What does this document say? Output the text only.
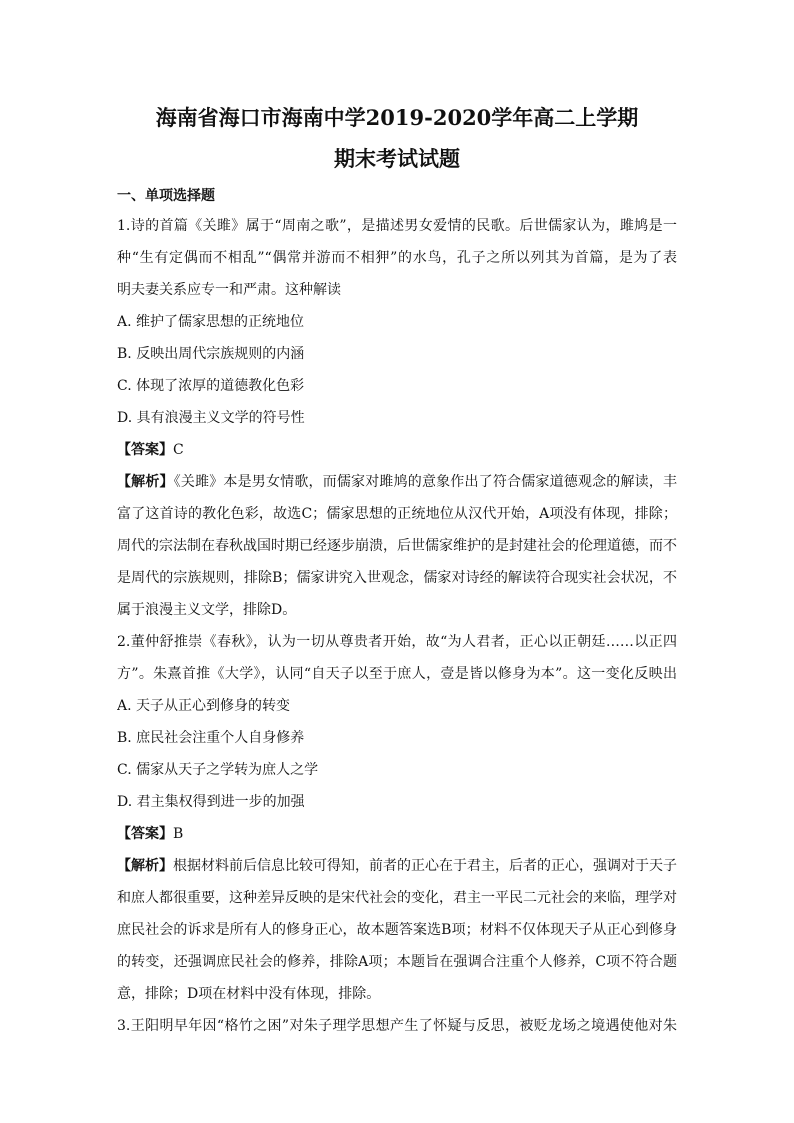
海南省海口市海南中学2019-2020学年高二上学期
期末考试试题
一、单项选择题
1.诗的首篇《关雎》属于“周南之歌”，是描述男女爱情的民歌。后世儒家认为，雎鸠是一
种“生有定偶而不相乱”“偶常并游而不相狎”的水鸟，孔子之所以列其为首篇，是为了表
明夫妻关系应专一和严肃。这种解读
A. 维护了儒家思想的正统地位
B. 反映出周代宗族规则的内涵
C. 体现了浓厚的道德教化色彩
D. 具有浪漫主义文学的符号性
【答案】C
【解析】《关雎》本是男女情歌，而儒家对雎鸠的意象作出了符合儒家道德观念的解读，丰
富了这首诗的教化色彩，故选C；儒家思想的正统地位从汉代开始，A项没有体现，排除；
周代的宗法制在春秋战国时期已经逐步崩溃，后世儒家维护的是封建社会的伦理道德，而不
是周代的宗族规则，排除B；儒家讲究入世观念，儒家对诗经的解读符合现实社会状况，不
属于浪漫主义文学，排除D。
2.董仲舒推崇《春秋》，认为一切从尊贵者开始，故“为人君者，正心以正朝廷……以正四
方”。朱熹首推《大学》，认同“自天子以至于庶人，壹是皆以修身为本”。这一变化反映出
A. 天子从正心到修身的转变
B. 庶民社会注重个人自身修养
C. 儒家从天子之学转为庶人之学
D. 君主集权得到进一步的加强
【答案】B
【解析】根据材料前后信息比较可得知，前者的正心在于君主，后者的正心，强调对于天子
和庶人都很重要，这种差异反映的是宋代社会的变化，君主一平民二元社会的来临，理学对
庶民社会的诉求是所有人的修身正心，故本题答案选B项；材料不仅体现天子从正心到修身
的转变，还强调庶民社会的修养，排除A项；本题旨在强调合注重个人修养，C项不符合题
意，排除；D项在材料中没有体现，排除。
3.王阳明早年因“格竹之困”对朱子理学思想产生了怀疑与反思，被贬龙场之境遇使他对朱
